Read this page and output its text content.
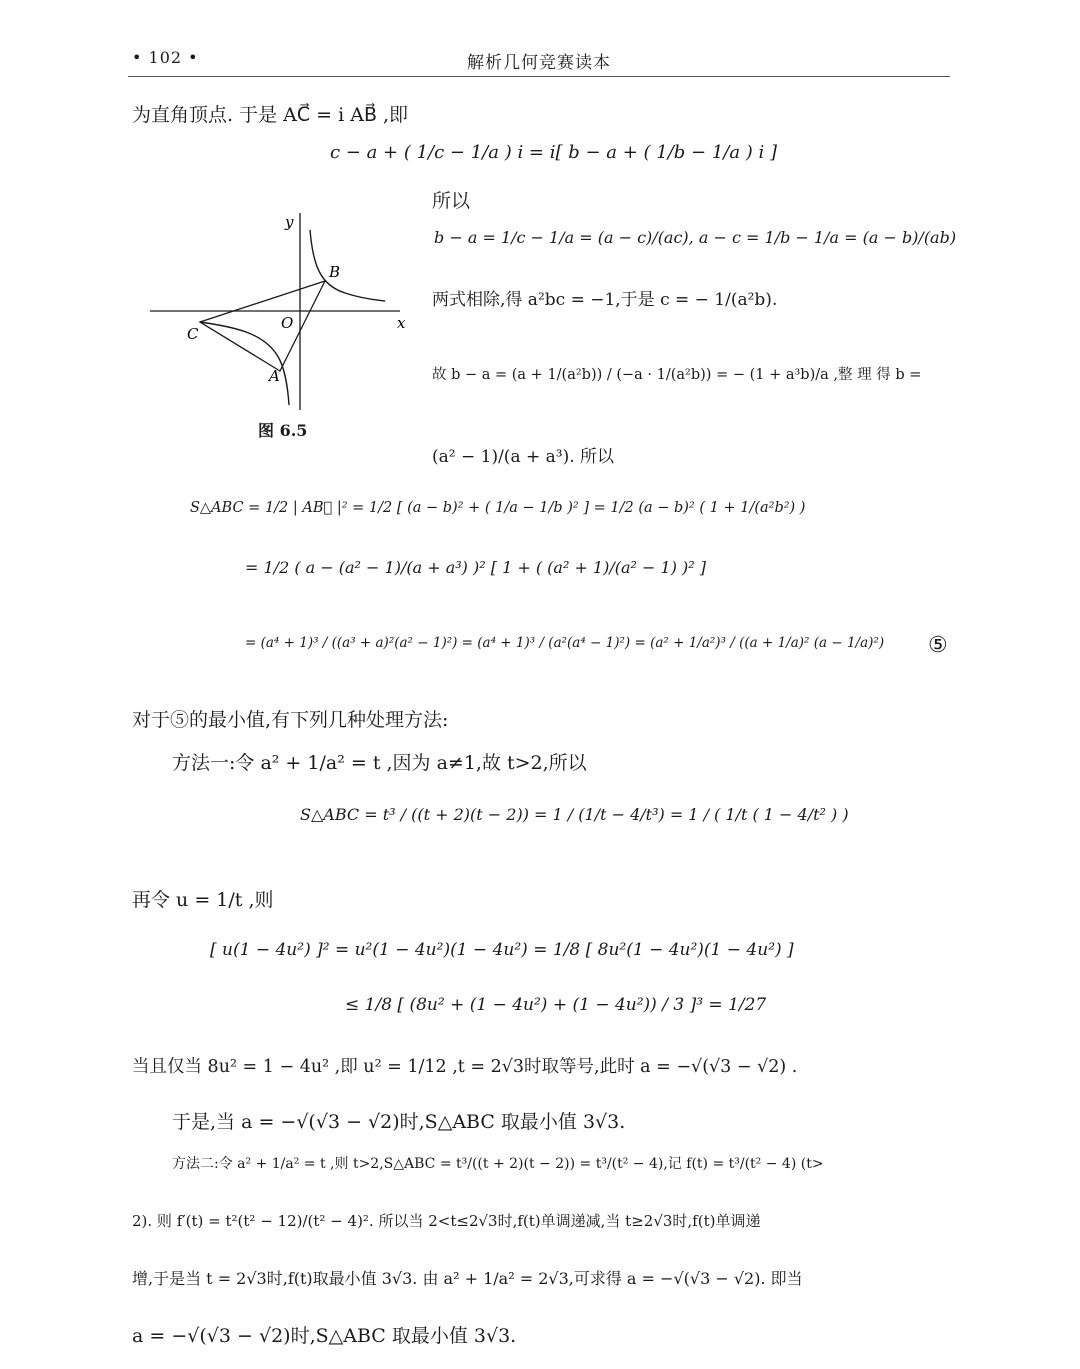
• 102 •	解析几何竞赛读本
y
x
O
B
C
A
图 6.5
为直角顶点. 于是 AC⃗ = i AB⃗ ,即
c − a + ( 1/c − 1/a ) i = i[ b − a + ( 1/b − 1/a ) i ]
所以
b − a = 1/c − 1/a = (a − c)/(ac), a − c = 1/b − 1/a = (a − b)/(ab)
两式相除,得 a²bc = −1,于是 c = − 1/(a²b).
故 b − a = (a + 1/(a²b)) / (−a · 1/(a²b)) = − (1 + a³b)/a ,整 理 得 b =
(a² − 1)/(a + a³). 所以
S△ABC = 1/2 | AB⃗ |² = 1/2 [ (a − b)² + ( 1/a − 1/b )² ] = 1/2 (a − b)² ( 1 + 1/(a²b²) )
= 1/2 ( a − (a² − 1)/(a + a³) )² [ 1 + ( (a² + 1)/(a² − 1) )² ]
= (a⁴ + 1)³ / ((a³ + a)²(a² − 1)²) = (a⁴ + 1)³ / (a²(a⁴ − 1)²) = (a² + 1/a²)³ / ((a + 1/a)² (a − 1/a)²) ⑤
对于⑤的最小值,有下列几种处理方法:
方法一:令 a² + 1/a² = t ,因为 a≠1,故 t>2,所以
S△ABC = t³ / ((t + 2)(t − 2)) = 1 / (1/t − 4/t³) = 1 / ( 1/t ( 1 − 4/t² ) )
再令 u = 1/t ,则
[ u(1 − 4u²) ]² = u²(1 − 4u²)(1 − 4u²) = 1/8 [ 8u²(1 − 4u²)(1 − 4u²) ]
≤ 1/8 [ (8u² + (1 − 4u²) + (1 − 4u²)) / 3 ]³ = 1/27
当且仅当 8u² = 1 − 4u² ,即 u² = 1/12 ,t = 2√3时取等号,此时 a = −√(√3 − √2) .
于是,当 a = −√(√3 − √2)时,S△ABC 取最小值 3√3.
方法二:令 a² + 1/a² = t ,则 t>2,S△ABC = t³/((t + 2)(t − 2)) = t³/(t² − 4),记 f(t) = t³/(t² − 4) (t>
2). 则 f′(t) = t²(t² − 12)/(t² − 4)². 所以当 2<t≤2√3时,f(t)单调递减,当 t≥2√3时,f(t)单调递
增,于是当 t = 2√3时,f(t)取最小值 3√3. 由 a² + 1/a² = 2√3,可求得 a = −√(√3 − √2). 即当
a = −√(√3 − √2)时,S△ABC 取最小值 3√3.
